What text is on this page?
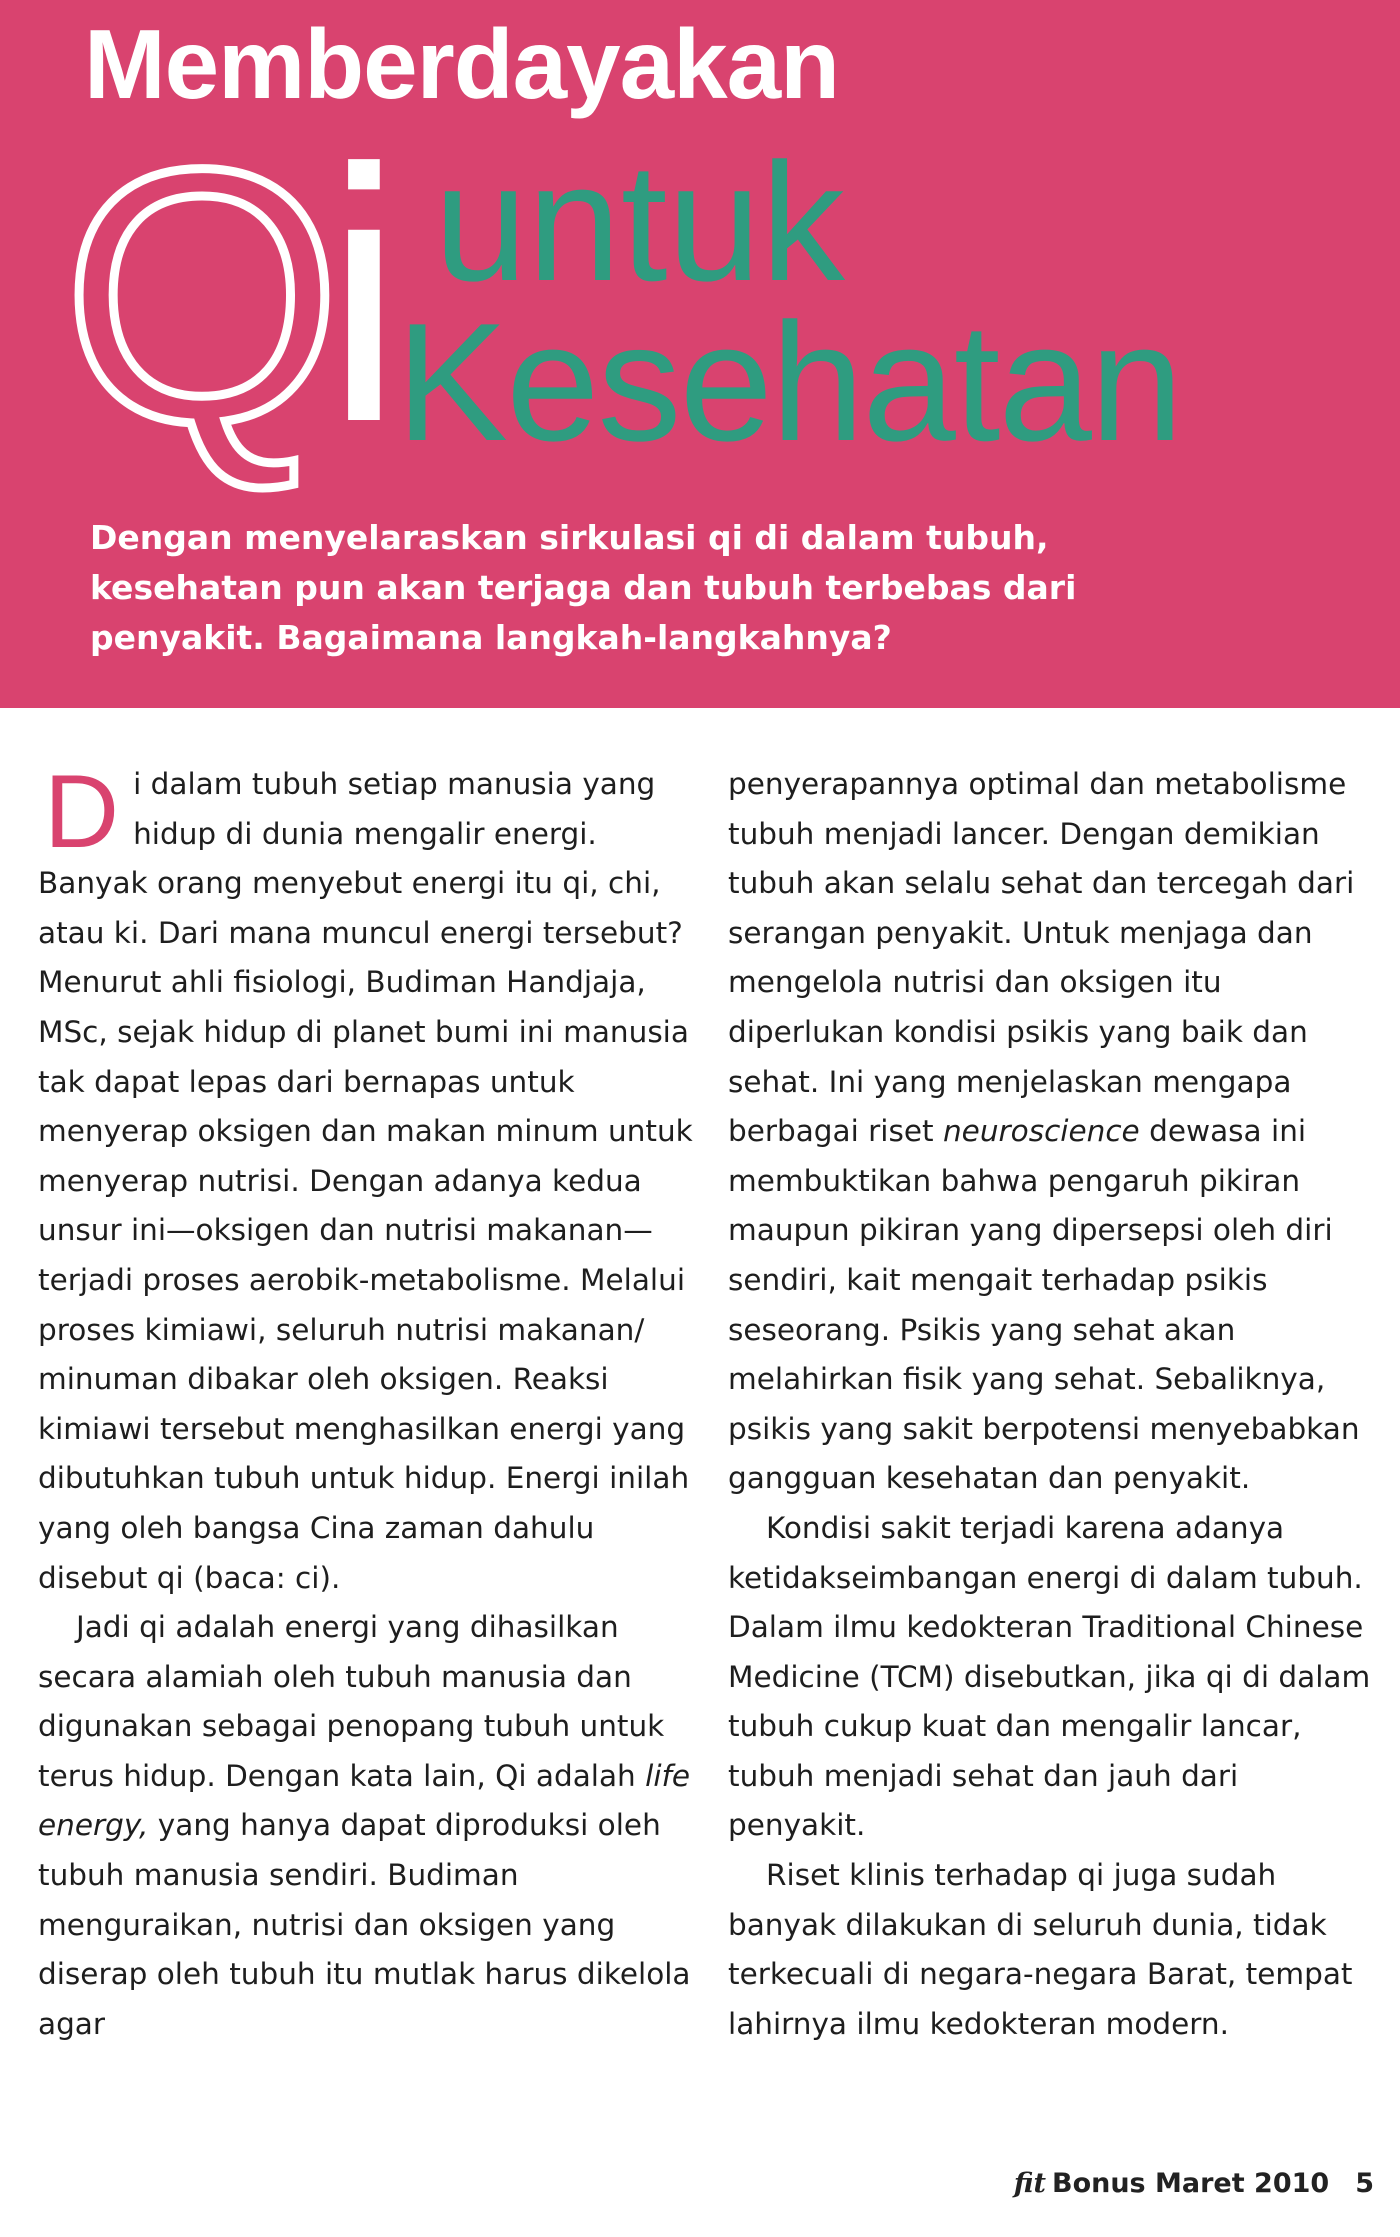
Memberdayakan
Qi untuk
Kesehatan
Dengan menyelaraskan sirkulasi qi di dalam tubuh,
kesehatan pun akan terjaga dan tubuh terbebas dari
penyakit. Bagaimana langkah-langkahnya?

Di dalam tubuh setiap manusia yang hidup di dunia mengalir energi. Banyak orang menyebut energi itu qi, chi, atau ki. Dari mana muncul energi tersebut? Menurut ahli fisiologi, Budiman Handjaja, MSc, sejak hidup di planet bumi ini manusia tak dapat lepas dari bernapas untuk menyerap oksigen dan makan minum untuk menyerap nutrisi. Dengan adanya kedua unsur ini—oksigen dan nutrisi makanan—terjadi proses aerobik-metabolisme. Melalui proses kimiawi, seluruh nutrisi makanan/ minuman dibakar oleh oksigen. Reaksi kimiawi tersebut menghasilkan energi yang dibutuhkan tubuh untuk hidup. Energi inilah yang oleh bangsa Cina zaman dahulu disebut qi (baca: ci).

Jadi qi adalah energi yang dihasilkan secara alamiah oleh tubuh manusia dan digunakan sebagai penopang tubuh untuk terus hidup. Dengan kata lain, Qi adalah life energy, yang hanya dapat diproduksi oleh tubuh manusia sendiri. Budiman menguraikan, nutrisi dan oksigen yang diserap oleh tubuh itu mutlak harus dikelola agar

penyerapannya optimal dan metabolisme tubuh menjadi lancer. Dengan demikian tubuh akan selalu sehat dan tercegah dari serangan penyakit. Untuk menjaga dan mengelola nutrisi dan oksigen itu diperlukan kondisi psikis yang baik dan sehat. Ini yang menjelaskan mengapa berbagai riset neuroscience dewasa ini membuktikan bahwa pengaruh pikiran maupun pikiran yang dipersepsi oleh diri sendiri, kait mengait terhadap psikis seseorang. Psikis yang sehat akan melahirkan fisik yang sehat. Sebaliknya, psikis yang sakit berpotensi menyebabkan gangguan kesehatan dan penyakit.

Kondisi sakit terjadi karena adanya ketidakseimbangan energi di dalam tubuh. Dalam ilmu kedokteran Traditional Chinese Medicine (TCM) disebutkan, jika qi di dalam tubuh cukup kuat dan mengalir lancar, tubuh menjadi sehat dan jauh dari penyakit.

Riset klinis terhadap qi juga sudah banyak dilakukan di seluruh dunia, tidak terkecuali di negara-negara Barat, tempat lahirnya ilmu kedokteran modern.

fit Bonus Maret 2010 5
